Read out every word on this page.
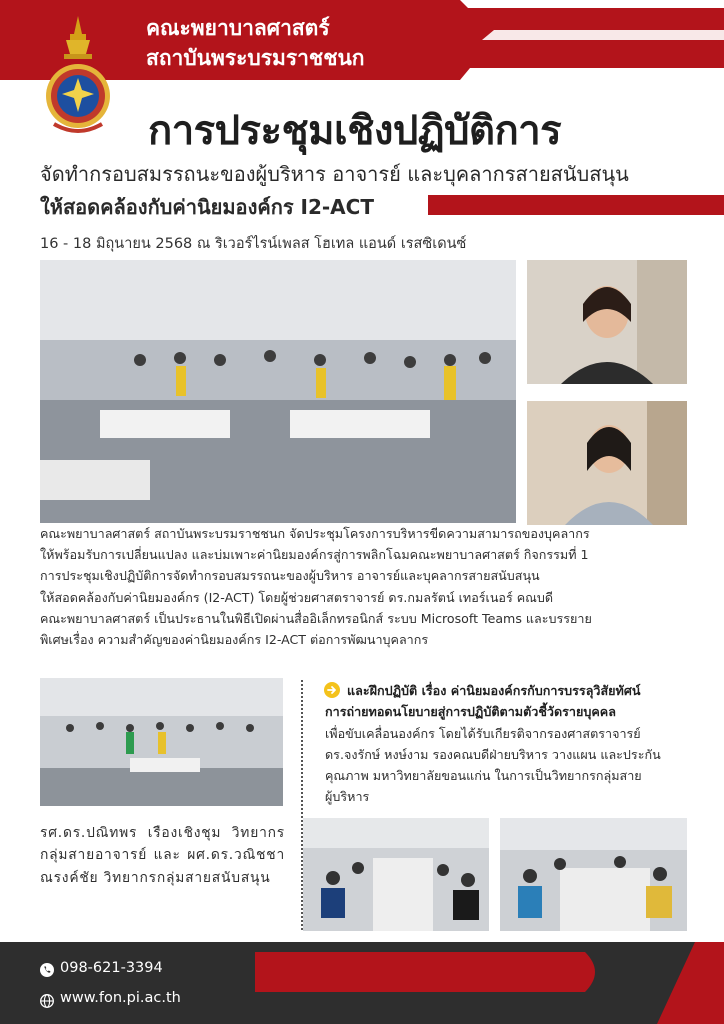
คณะพยาบาลศาสตร์
สถาบันพระบรมราชชนก
การประชุมเชิงปฏิบัติการ
จัดทำกรอบสมรรถนะของผู้บริหาร อาจารย์ และบุคลากรสายสนับสนุน
ให้สอดคล้องกับค่านิยมองค์กร I2-ACT
16 - 18 มิถุนายน 2568 ณ ริเวอร์ไรน์เพลส โฮเทล แอนด์ เรสซิเดนซ์

คณะพยาบาลศาสตร์ สถาบันพระบรมราชชนก จัดประชุมโครงการบริหารขีดความสามารถของบุคลากร

ให้พร้อมรับการเปลี่ยนแปลง และบ่มเพาะค่านิยมองค์กรสู่การพลิกโฉมคณะพยาบาลศาสตร์ กิจกรรมที่ 1

การประชุมเชิงปฏิบัติการจัดทำกรอบสมรรถนะของผู้บริหาร อาจารย์และบุคลากรสายสนับสนุน

ให้สอดคล้องกับค่านิยมองค์กร (I2-ACT) โดยผู้ช่วยศาสตราจารย์ ดร.กมลรัตน์ เทอร์เนอร์ คณบดี

คณะพยาบาลศาสตร์ เป็นประธานในพิธีเปิดผ่านสื่ออิเล็กทรอนิกส์ ระบบ Microsoft Teams และบรรยาย

พิเศษเรื่อง ความสำคัญของค่านิยมองค์กร I2-ACT ต่อการพัฒนาบุคลากร

และฝึกปฏิบัติ เรื่อง ค่านิยมองค์กรกับการบรรลุวิสัยทัศน์
การถ่ายทอดนโยบายสู่การปฏิบัติตามตัวชี้วัดรายบุคคล
เพื่อขับเคลื่อนองค์กร โดยได้รับเกียรติจากรองศาสตราจารย์
ดร.จงรักษ์ หงษ์งาม รองคณบดีฝ่ายบริหาร วางแผน และประกัน
คุณภาพ มหาวิทยาลัยขอนแก่น ในการเป็นวิทยากรกลุ่มสาย
ผู้บริหาร
รศ.ดร.ปณิทพร เรืองเชิงชุม วิทยากรกลุ่มสายอาจารย์ และ ผศ.ดร.วณิชชา ณรงค์ชัย วิทยากรกลุ่มสายสนับสนุน
098-621-3394
www.fon.pi.ac.th
